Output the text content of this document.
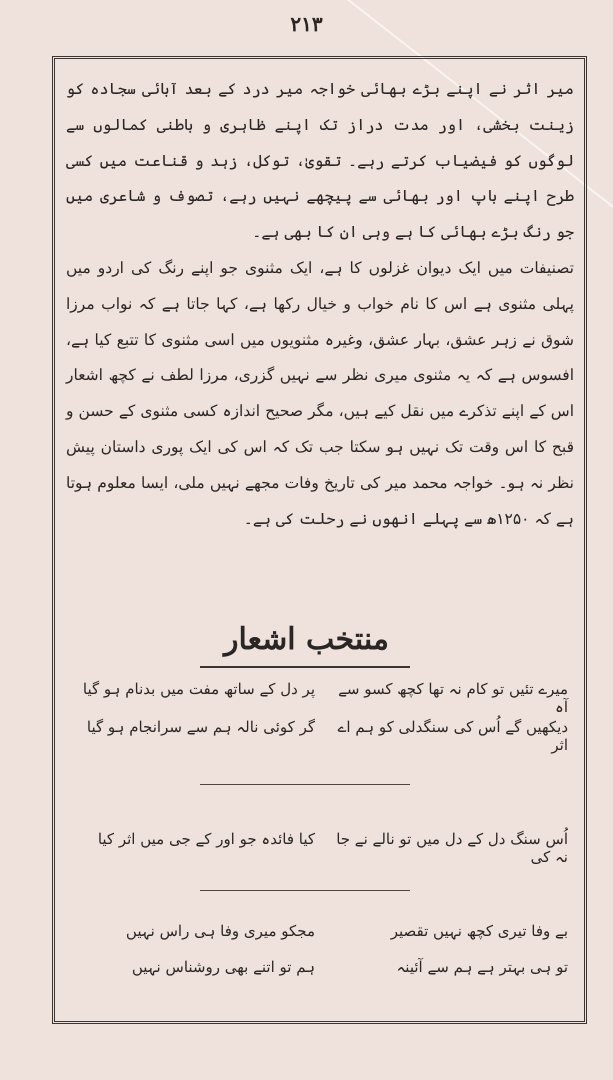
۲۱۳

میر اثر نے اپنے بڑے بھائی خواجہ میر درد کے بعد آبائی سجادہ کو زینت بخشی، اور مدت دراز تک اپنے ظاہری و باطنی کمالوں سے لوگوں کو فیضیاب کرتے رہے۔ تقویٰ، توکل، زہد و قناعت میں کسی طرح اپنے باپ اور بھائی سے پیچھے نہیں رہے، تصوف و شاعری میں جو رنگ بڑے بھائی کا ہے وہی ان کا بھی ہے۔

تصنیفات میں ایک دیوان غزلوں کا ہے، ایک مثنوی جو اپنے رنگ کی اردو میں پہلی مثنوی ہے اس کا نام خواب و خیال رکھا ہے، کہا جاتا ہے کہ نواب مرزا شوق نے زہر عشق، بہار عشق، وغیرہ مثنویوں میں اسی مثنوی کا تتبع کیا ہے، افسوس ہے کہ یہ مثنوی میری نظر سے نہیں گزری، مرزا لطف نے کچھ اشعار اس کے اپنے تذکرے میں نقل کیے ہیں، مگر صحیح اندازہ کسی مثنوی کے حسن و قبح کا اس وقت تک نہیں ہو سکتا جب تک کہ اس کی ایک پوری داستان پیش نظر نہ ہو۔ خواجہ محمد میر کی تاریخ وفات مجھے نہیں ملی، ایسا معلوم ہوتا ہے کہ ۱۲۵۰ھ سے پہلے انھوں نے رحلت کی ہے۔

منتخب اشعار
میرے تئیں تو کام نہ تھا کچھ کسو سے آہ
پر دل کے ساتھ مفت میں بدنام ہو گیا
دیکھیں گے اُس کی سنگدلی کو ہم اے اثر
گر کوئی نالہ ہم سے سرانجام ہو گیا
اُس سنگ دل کے دل میں تو نالے نے جا نہ کی
کیا فائدہ جو اور کے جی میں اثر کیا
بے وفا تیری کچھ نہیں تقصیر
مجکو میری وفا ہی راس نہیں
تو ہی بہتر ہے ہم سے آئینہ
ہم تو اتنے بھی روشناس نہیں
